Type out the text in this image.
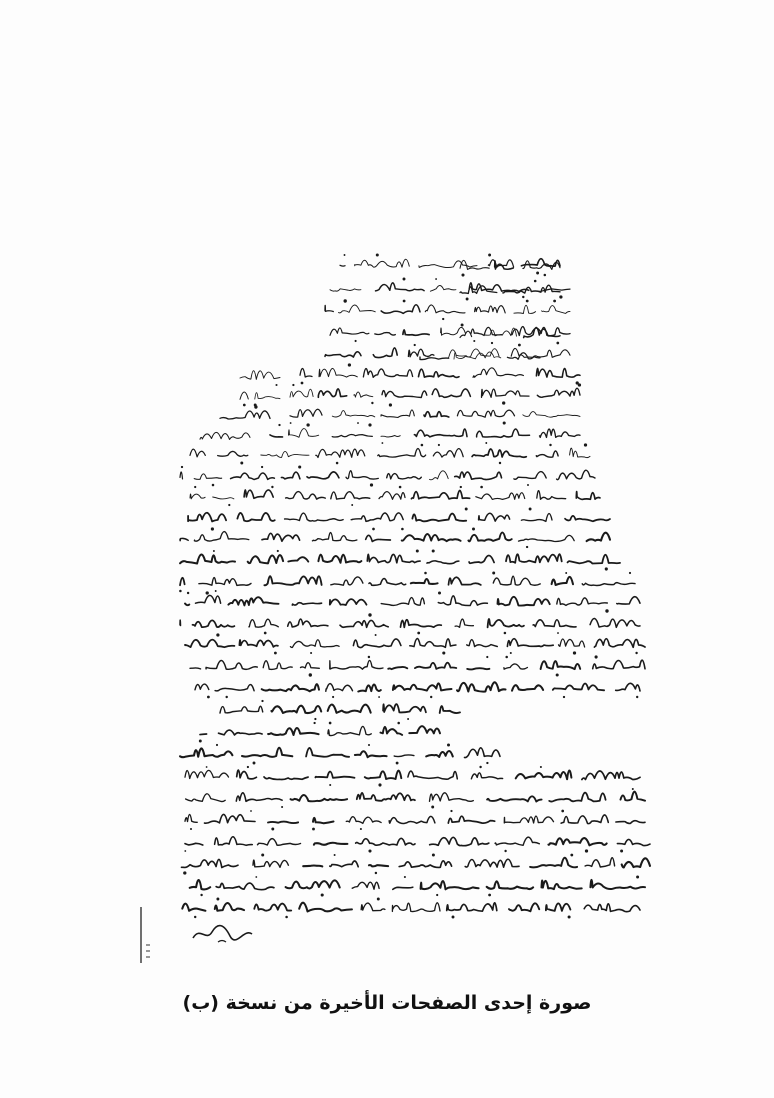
صورة إحدى الصفحات الأخيرة من نسخة (ب)
